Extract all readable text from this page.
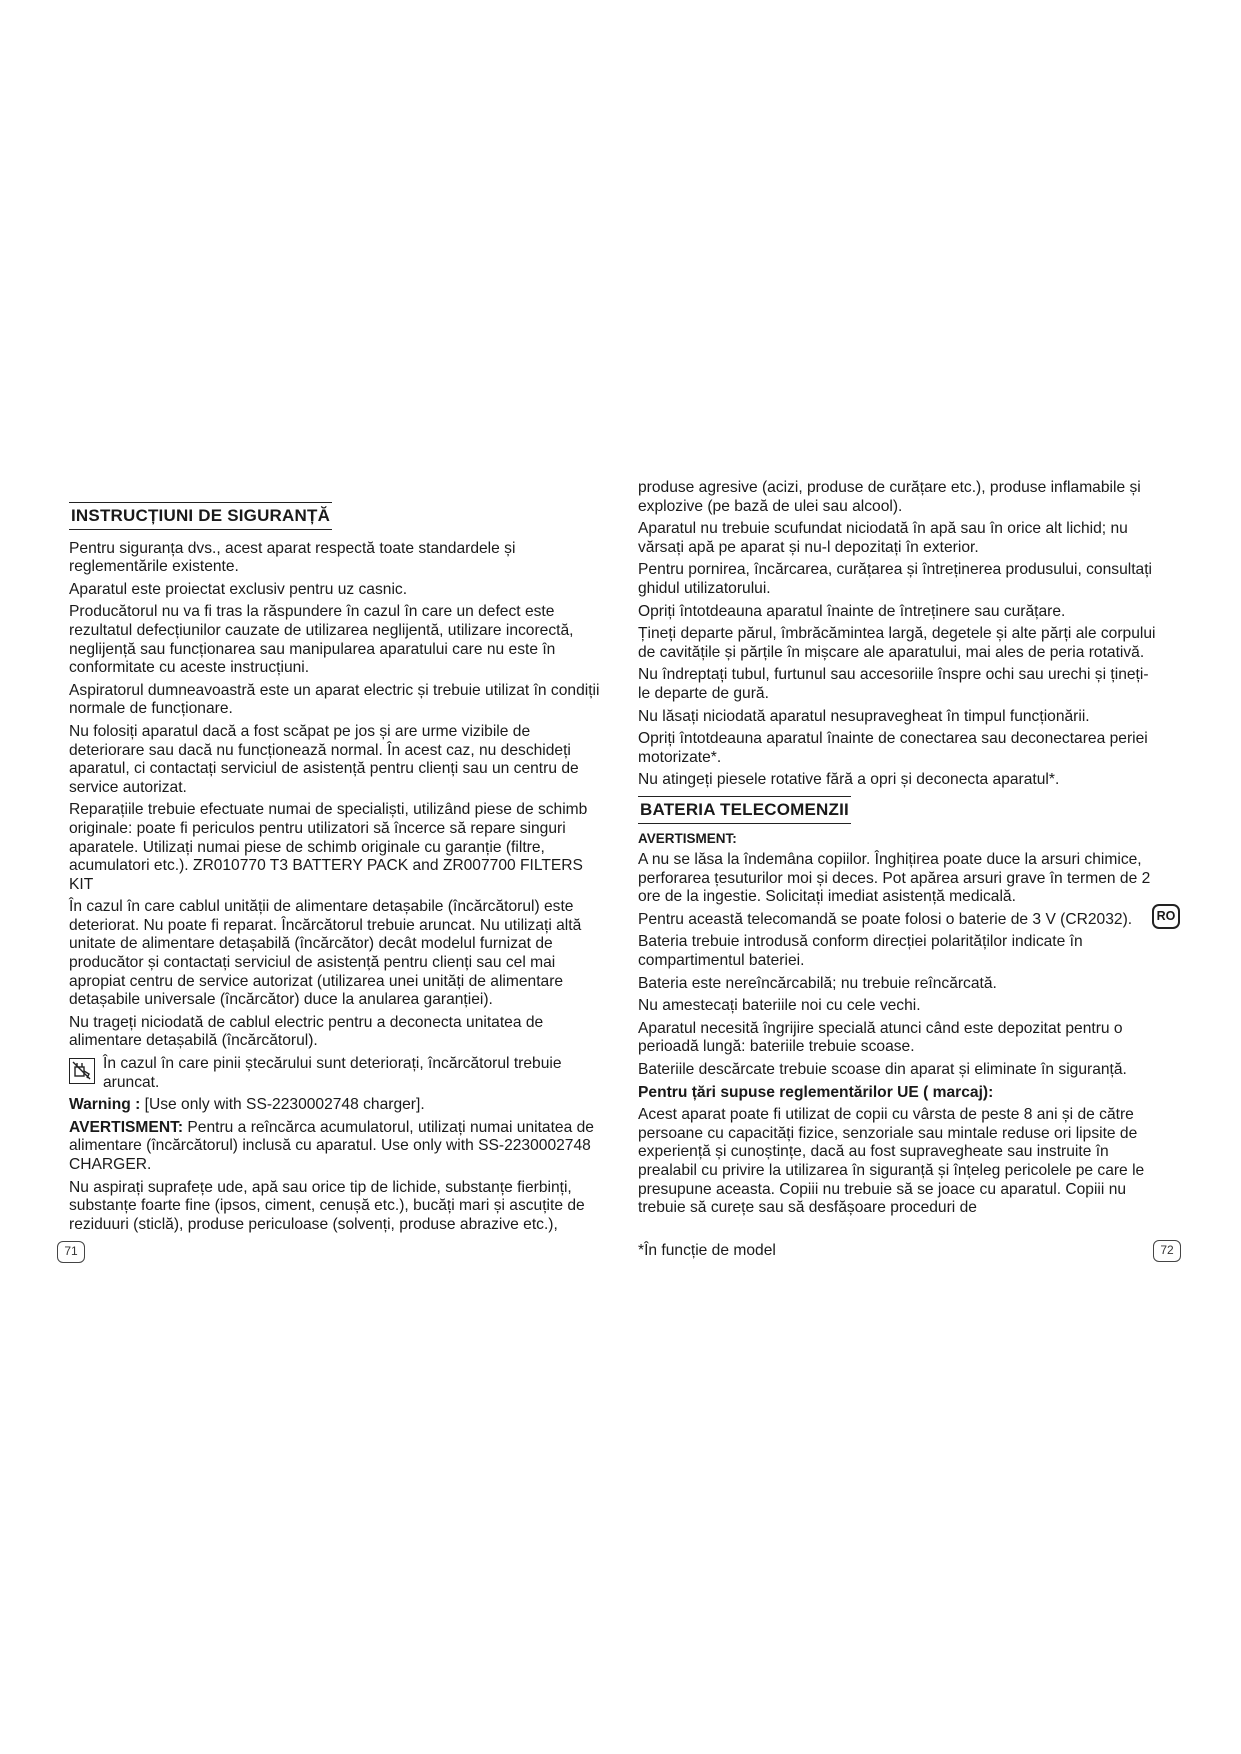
INSTRUCȚIUNI DE SIGURANȚĂ

Pentru siguranța dvs., acest aparat respectă toate standardele și reglementările existente.

Aparatul este proiectat exclusiv pentru uz casnic.

Producătorul nu va fi tras la răspundere în cazul în care un defect este rezultatul defecțiunilor cauzate de utilizarea neglijentă, utilizare incorectă, neglijență sau funcționarea sau manipularea aparatului care nu este în conformitate cu aceste instrucțiuni.

Aspiratorul dumneavoastră este un aparat electric și trebuie utilizat în condiții normale de funcționare.

Nu folosiți aparatul dacă a fost scăpat pe jos și are urme vizibile de deteriorare sau dacă nu funcționează normal. În acest caz, nu deschideți aparatul, ci contactați serviciul de asistență pentru clienți sau un centru de service autorizat.

Reparațiile trebuie efectuate numai de specialiști, utilizând piese de schimb originale: poate fi periculos pentru utilizatori să încerce să repare singuri aparatele. Utilizați numai piese de schimb originale cu garanție (filtre, acumulatori etc.). ZR010770 T3 BATTERY PACK and ZR007700 FILTERS KIT

În cazul în care cablul unității de alimentare detașabile (încărcătorul) este deteriorat. Nu poate fi reparat. Încărcătorul trebuie aruncat. Nu utilizați altă unitate de alimentare detașabilă (încărcător) decât modelul furnizat de producător și contactați serviciul de asistență pentru clienți sau cel mai apropiat centru de service autorizat (utilizarea unei unități de alimentare detașabile universale (încărcător) duce la anularea garanției).

Nu trageți niciodată de cablul electric pentru a deconecta unitatea de alimentare detașabilă (încărcătorul).

În cazul în care pinii ștecărului sunt deteriorați, încărcătorul trebuie aruncat.

Warning : [Use only with SS-2230002748 charger].

AVERTISMENT: Pentru a reîncărca acumulatorul, utilizați numai unitatea de alimentare (încărcătorul) inclusă cu aparatul. Use only with SS-2230002748 CHARGER.

Nu aspirați suprafețe ude, apă sau orice tip de lichide, substanțe fierbinți, substanțe foarte fine (ipsos, ciment, cenușă etc.), bucăți mari și ascuțite de reziduuri (sticlă), produse periculoase (solvenți, produse abrazive etc.),

71

produse agresive (acizi, produse de curățare etc.), produse inflamabile și explozive (pe bază de ulei sau alcool).

Aparatul nu trebuie scufundat niciodată în apă sau în orice alt lichid; nu vărsați apă pe aparat și nu-l depozitați în exterior.

Pentru pornirea, încărcarea, curățarea și întreținerea produsului, consultați ghidul utilizatorului.

Opriți întotdeauna aparatul înainte de întreținere sau curățare.

Țineți departe părul, îmbrăcămintea largă, degetele și alte părți ale corpului de cavitățile și părțile în mișcare ale aparatului, mai ales de peria rotativă.

Nu îndreptați tubul, furtunul sau accesoriile înspre ochi sau urechi și țineți-le departe de gură.

Nu lăsați niciodată aparatul nesupravegheat în timpul funcționării.

Opriți întotdeauna aparatul înainte de conectarea sau deconectarea periei motorizate*.

Nu atingeți piesele rotative fără a opri și deconecta aparatul*.

BATERIA TELECOMENZII
AVERTISMENT:

A nu se lăsa la îndemâna copiilor. Înghițirea poate duce la arsuri chimice, perforarea țesuturilor moi și deces. Pot apărea arsuri grave în termen de 2 ore de la ingestie. Solicitați imediat asistență medicală.

Pentru această telecomandă se poate folosi o baterie de 3 V (CR2032).

Bateria trebuie introdusă conform direcției polarităților indicate în compartimentul bateriei.

Bateria este nereîncărcabilă; nu trebuie reîncărcată.

Nu amestecați bateriile noi cu cele vechi.

Aparatul necesită îngrijire specială atunci când este depozitat pentru o perioadă lungă: bateriile trebuie scoase.

Bateriile descărcate trebuie scoase din aparat și eliminate în siguranță.

Pentru țări supuse reglementărilor UE ( marcaj):

Acest aparat poate fi utilizat de copii cu vârsta de peste 8 ani și de către persoane cu capacități fizice, senzoriale sau mintale reduse ori lipsite de experiență și cunoștințe, dacă au fost supravegheate sau instruite în prealabil cu privire la utilizarea în siguranță și înțeleg pericolele pe care le presupune aceasta. Copiii nu trebuie să se joace cu aparatul. Copiii nu trebuie să curețe sau să desfășoare proceduri de

RO
*În funcție de model	72
